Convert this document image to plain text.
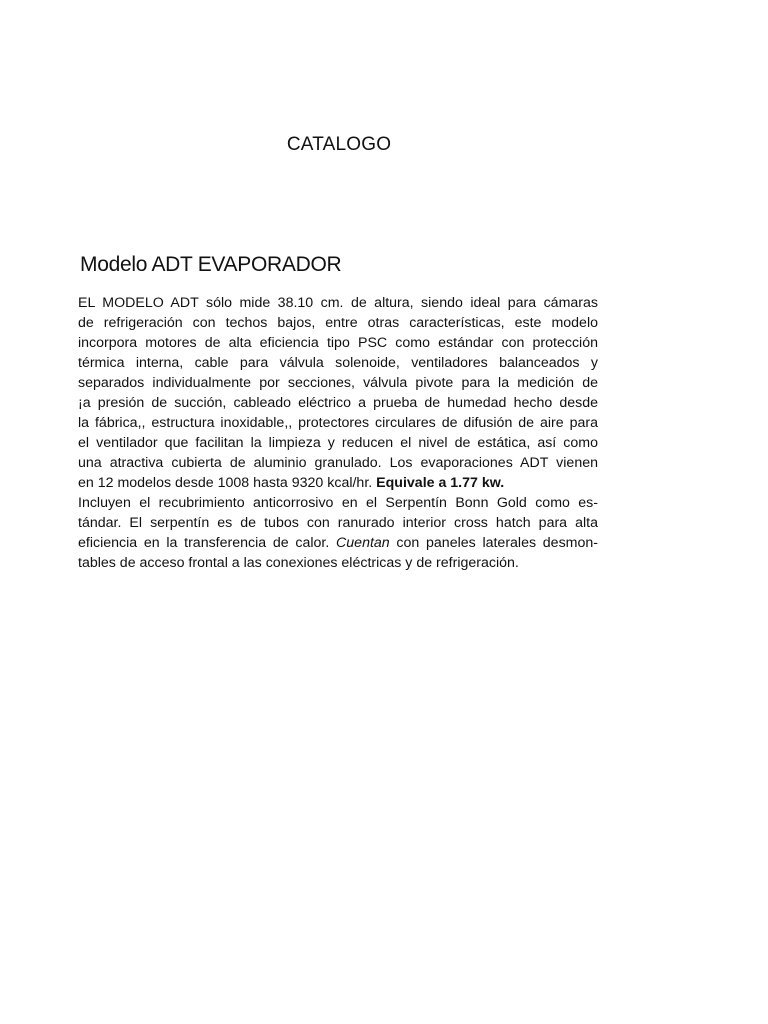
CATALOGO
Modelo ADT EVAPORADOR
EL MODELO ADT sólo mide 38.10 cm. de altura, siendo ideal para cámaras
de refrigeración con techos bajos, entre otras características, este modelo
incorpora motores de alta eficiencia tipo PSC como estándar con protección
térmica interna, cable para válvula solenoide, ventiladores balanceados y
separados individualmente por secciones, válvula pivote para la medición de
¡a presión de succión, cableado eléctrico a prueba de humedad hecho desde
la fábrica,, estructura inoxidable,, protectores circulares de difusión de aire para
el ventilador que facilitan la limpieza y reducen el nivel de estática, así como
una atractiva cubierta de aluminio granulado. Los evaporaciones ADT vienen
en 12 modelos desde 1008 hasta 9320 kcal/hr. Equivale a 1.77 kw.
Incluyen el recubrimiento anticorrosivo en el Serpentín Bonn Gold como es-
tándar. El serpentín es de tubos con ranurado interior cross hatch para alta
eficiencia en la transferencia de calor. Cuentan con paneles laterales desmon-
tables de acceso frontal a las conexiones eléctricas y de refrigeración.
